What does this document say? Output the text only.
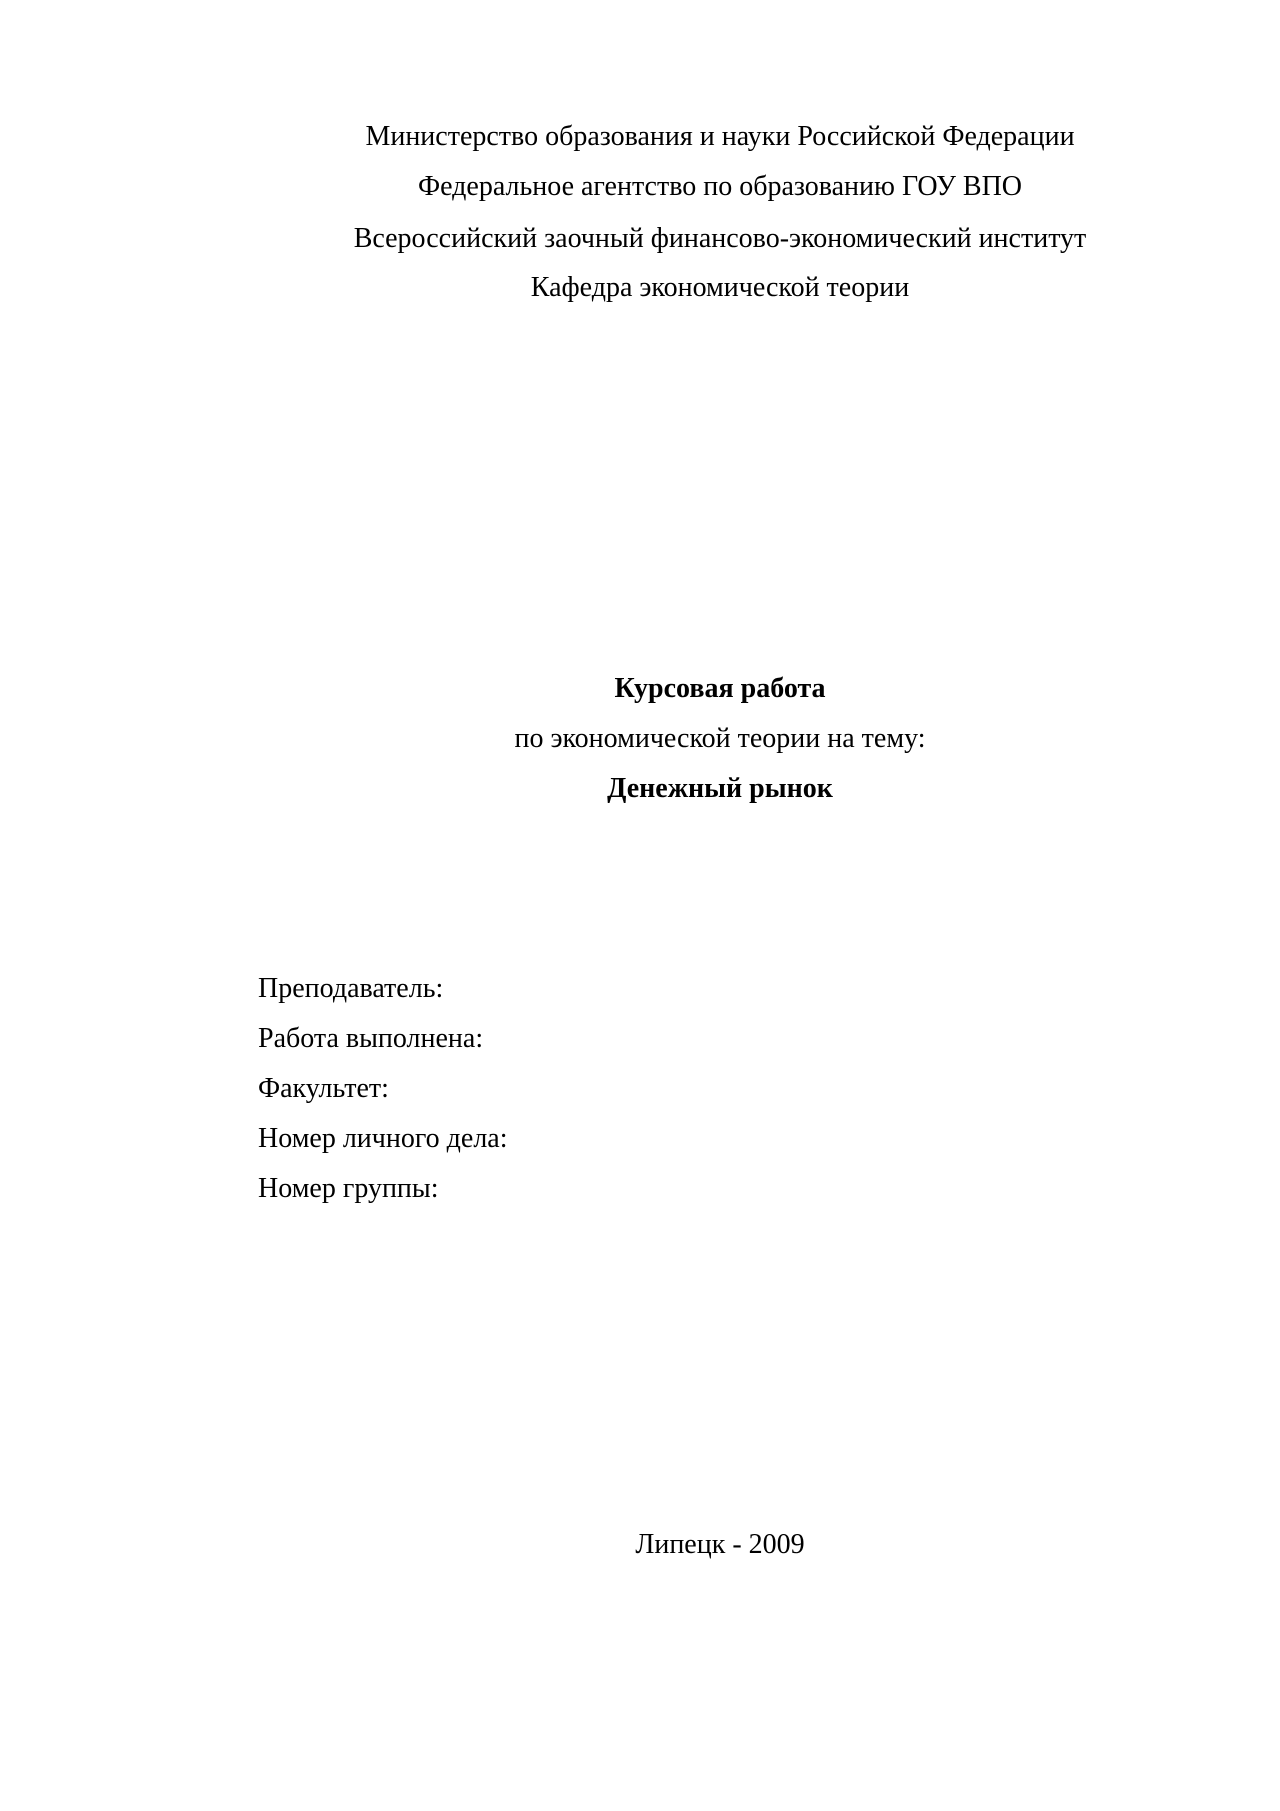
Министерство образования и науки Российской Федерации
Федеральное агентство по образованию ГОУ ВПО
Всероссийский заочный финансово-экономический институт
Кафедра экономической теории
Курсовая работа
по экономической теории на тему:
Денежный рынок
Преподаватель:
Работа выполнена:
Факультет:
Номер личного дела:
Номер группы:
Липецк - 2009
